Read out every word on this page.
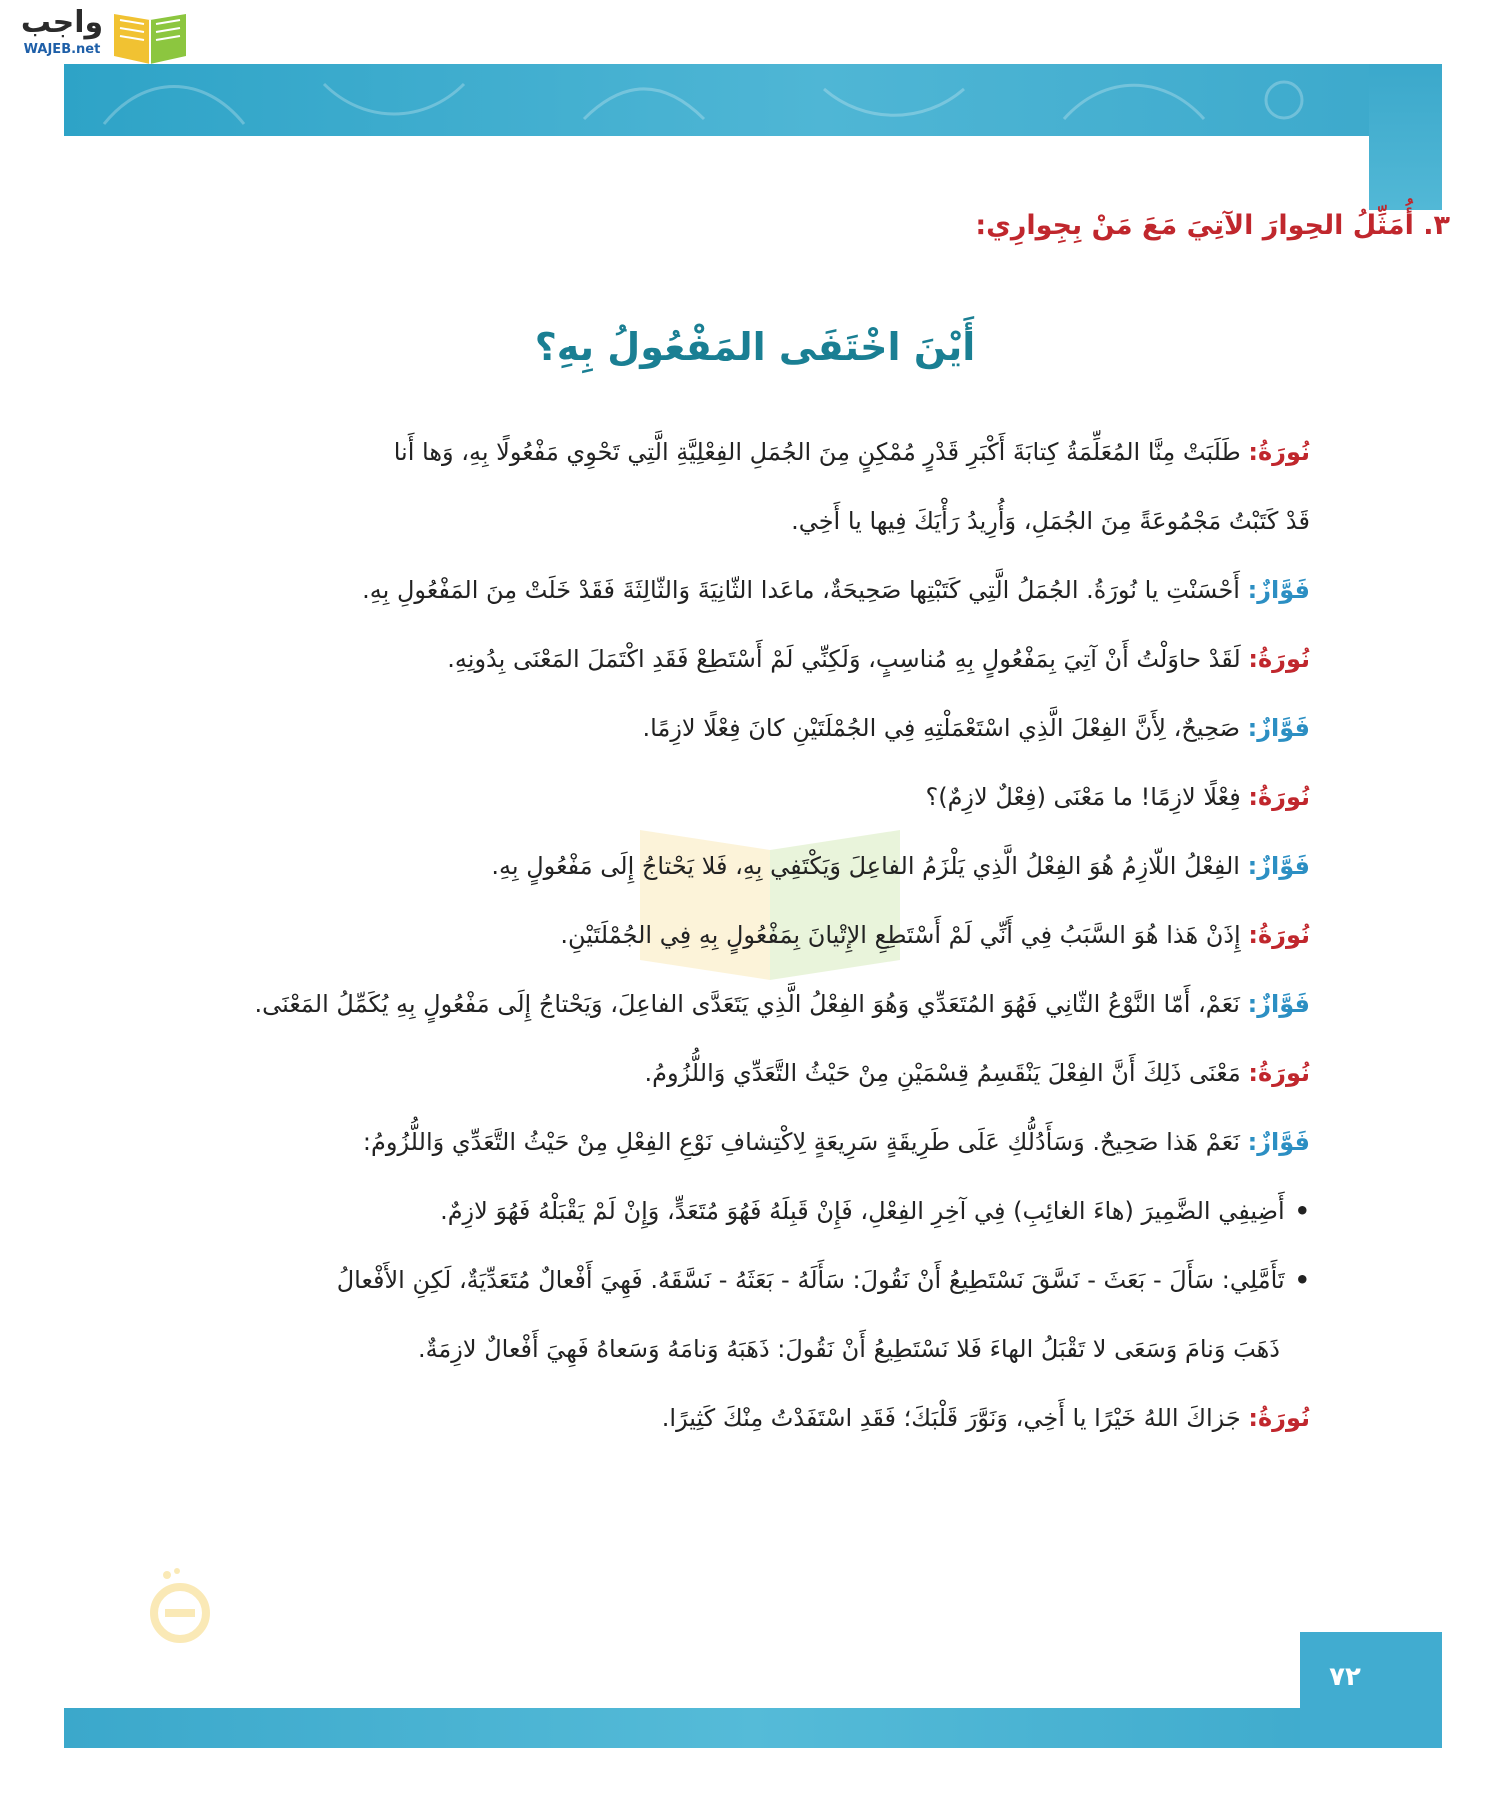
واجب
WAJEB.net
٣. أُمَثِّلُ الحِوارَ الآتِيَ مَعَ مَنْ بِجِوارِي:
أَيْنَ اخْتَفَى المَفْعُولُ بِهِ؟
نُورَةُ: طَلَبَتْ مِنَّا المُعَلِّمَةُ كِتابَةَ أَكْبَرِ قَدْرٍ مُمْكِنٍ مِنَ الجُمَلِ الفِعْلِيَّةِ الَّتِي تَحْوِي مَفْعُولًا بِهِ، وَها أَنا
قَدْ كَتَبْتُ مَجْمُوعَةً مِنَ الجُمَلِ، وَأُرِيدُ رَأْيَكَ فِيها يا أَخِي.
فَوَّازٌ: أَحْسَنْتِ يا نُورَةُ. الجُمَلُ الَّتِي كَتَبْتِها صَحِيحَةٌ، ماعَدا الثّانِيَةَ وَالثّالِثَةَ فَقَدْ خَلَتْ مِنَ المَفْعُولِ بِهِ.
نُورَةُ: لَقَدْ حاوَلْتُ أَنْ آتِيَ بِمَفْعُولٍ بِهِ مُناسِبٍ، وَلَكِنِّي لَمْ أَسْتَطِعْ فَقَدِ اكْتَمَلَ المَعْنَى بِدُونِهِ.
فَوَّازٌ: صَحِيحٌ، لِأَنَّ الفِعْلَ الَّذِي اسْتَعْمَلْتِهِ فِي الجُمْلَتَيْنِ كانَ فِعْلًا لازِمًا.
نُورَةُ: فِعْلًا لازِمًا! ما مَعْنَى (فِعْلٌ لازِمٌ)؟
فَوَّازٌ: الفِعْلُ اللّازِمُ هُوَ الفِعْلُ الَّذِي يَلْزَمُ الفاعِلَ وَيَكْتَفِي بِهِ، فَلا يَحْتاجُ إِلَى مَفْعُولٍ بِهِ.
نُورَةُ: إِذَنْ هَذا هُوَ السَّبَبُ فِي أَنِّي لَمْ أَسْتَطِعِ الإِتْيانَ بِمَفْعُولٍ بِهِ فِي الجُمْلَتَيْنِ.
فَوَّازٌ: نَعَمْ، أَمّا النَّوْعُ الثّانِي فَهُوَ المُتَعَدِّي وَهُوَ الفِعْلُ الَّذِي يَتَعَدَّى الفاعِلَ، وَيَحْتاجُ إِلَى مَفْعُولٍ بِهِ يُكَمِّلُ المَعْنَى.
نُورَةُ: مَعْنَى ذَلِكَ أَنَّ الفِعْلَ يَنْقَسِمُ قِسْمَيْنِ مِنْ حَيْثُ التَّعَدِّي وَاللُّزُومُ.
فَوَّازٌ: نَعَمْ هَذا صَحِيحٌ. وَسَأَدُلُّكِ عَلَى طَرِيقَةٍ سَرِيعَةٍ لِاكْتِشافِ نَوْعِ الفِعْلِ مِنْ حَيْثُ التَّعَدِّي وَاللُّزُومُ:
•أَضِيفِي الضَّمِيرَ (هاءَ الغائِبِ) فِي آخِرِ الفِعْلِ، فَإِنْ قَبِلَهُ فَهُوَ مُتَعَدٍّ، وَإِنْ لَمْ يَقْبَلْهُ فَهُوَ لازِمٌ.
•تَأَمَّلِي: سَأَلَ - بَعَثَ - نَسَّقَ نَسْتَطِيعُ أَنْ نَقُولَ: سَأَلَهُ - بَعَثَهُ - نَسَّقَهُ. فَهِيَ أَفْعالٌ مُتَعَدِّيَةٌ، لَكِنِ الأَفْعالُ
ذَهَبَ وَنامَ وَسَعَى لا تَقْبَلُ الهاءَ فَلا نَسْتَطِيعُ أَنْ نَقُولَ: ذَهَبَهُ وَنامَهُ وَسَعاهُ فَهِيَ أَفْعالٌ لازِمَةٌ.
نُورَةُ: جَزاكَ اللهُ خَيْرًا يا أَخِي، وَنَوَّرَ قَلْبَكَ؛ فَقَدِ اسْتَفَدْتُ مِنْكَ كَثِيرًا.
٧٢
